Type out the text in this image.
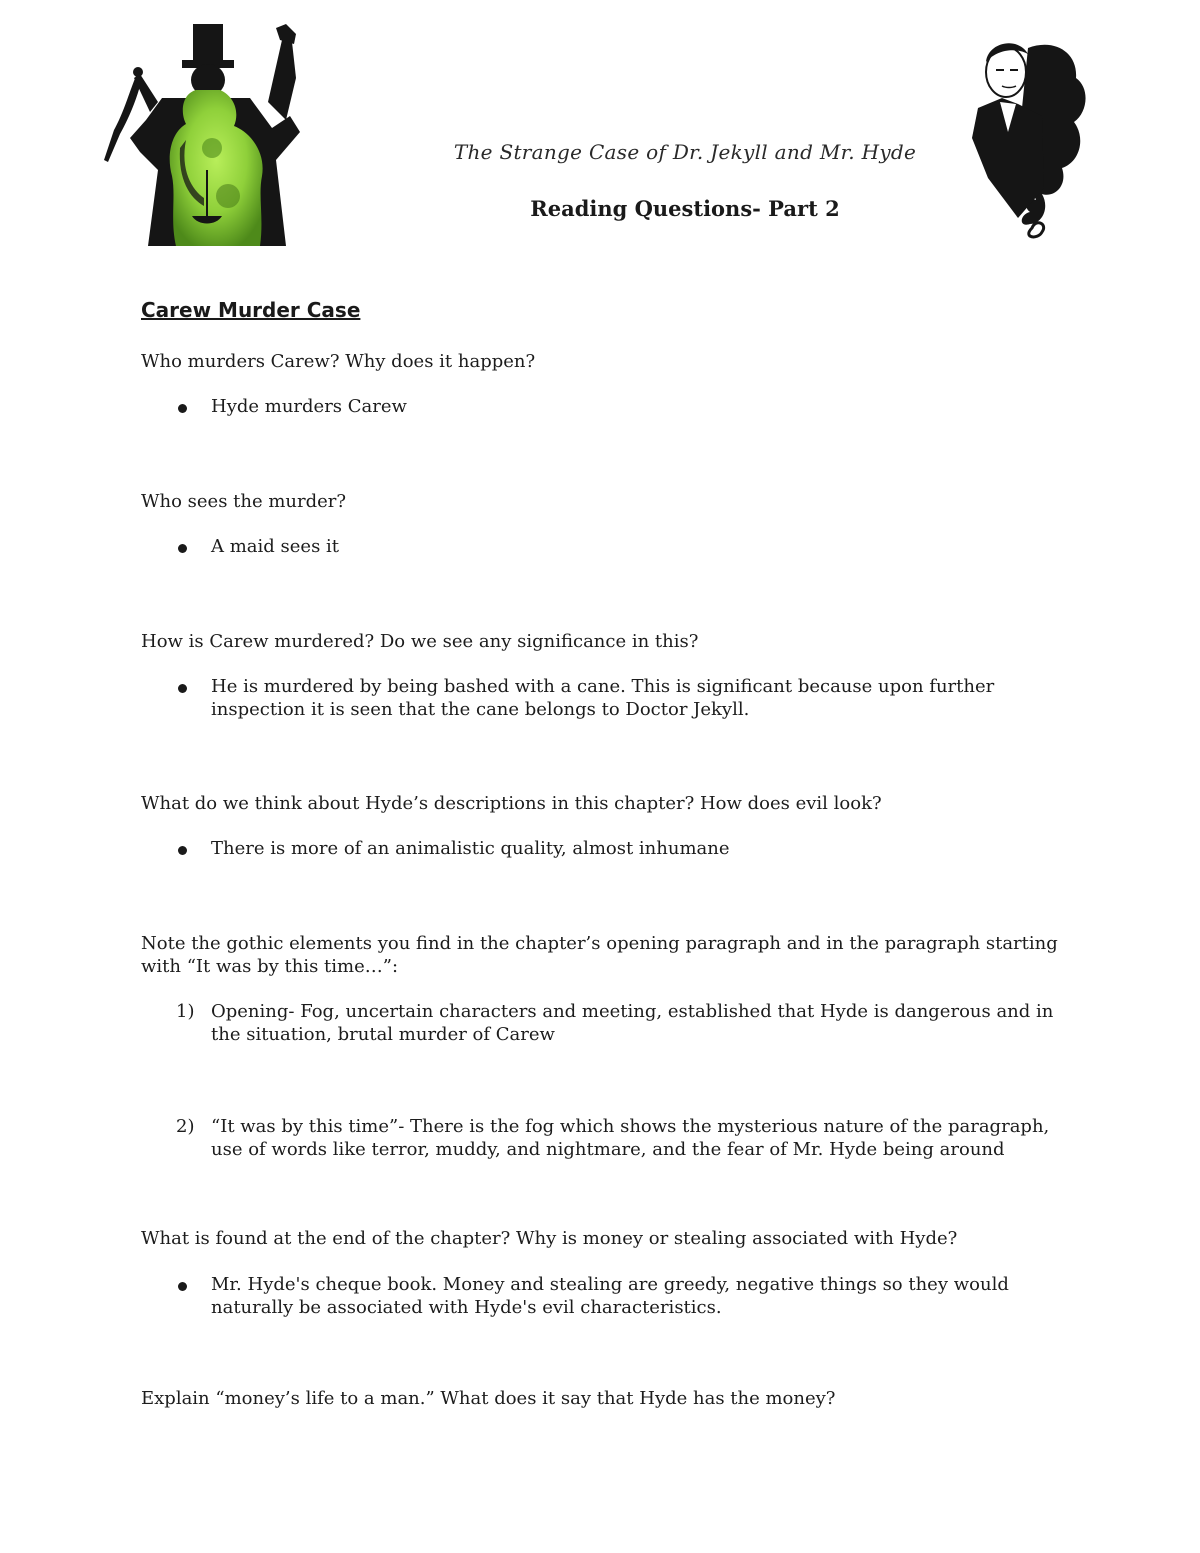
The Strange Case of Dr. Jekyll and Mr. Hyde
Reading Questions- Part 2
Carew Murder Case

Who murders Carew? Why does it happen?

Hyde murders Carew

Who sees the murder?

A maid sees it

How is Carew murdered? Do we see any significance in this?

He is murdered by being bashed with a cane. This is significant because upon further inspection it is seen that the cane belongs to Doctor Jekyll.

What do we think about Hyde’s descriptions in this chapter? How does evil look?

There is more of an animalistic quality, almost inhumane

Note the gothic elements you find in the chapter’s opening paragraph and in the paragraph starting with “It was by this time…”:

1) Opening- Fog, uncertain characters and meeting, established that Hyde is dangerous and in the situation, brutal murder of Carew
2) “It was by this time”- There is the fog which shows the mysterious nature of the paragraph, use of words like terror, muddy, and nightmare, and the fear of Mr. Hyde being around

What is found at the end of the chapter? Why is money or stealing associated with Hyde?

Mr. Hyde's cheque book. Money and stealing are greedy, negative things so they would naturally be associated with Hyde's evil characteristics.

Explain “money’s life to a man.” What does it say that Hyde has the money?
